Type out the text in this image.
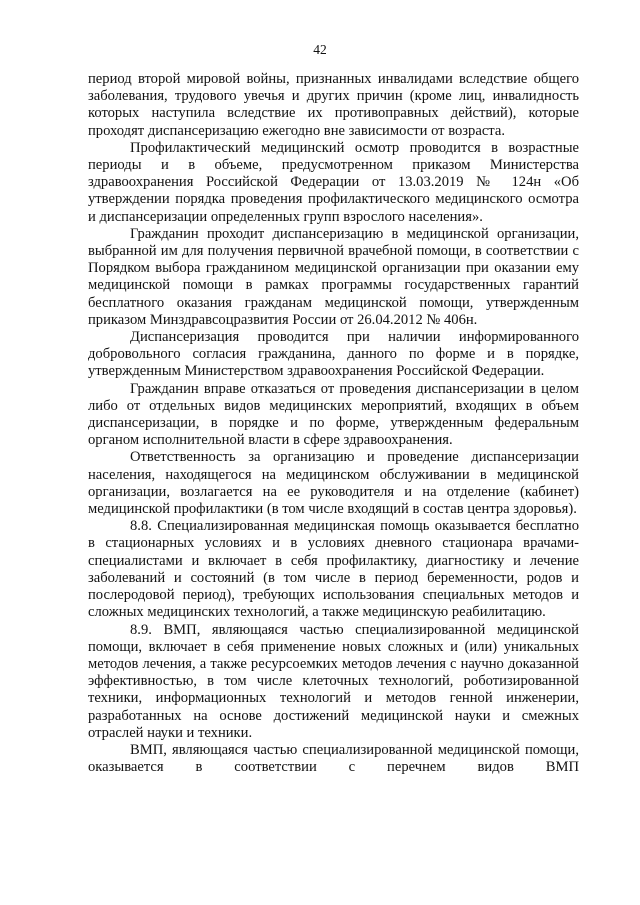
42

период второй мировой войны, признанных инвалидами вследствие общего заболевания, трудового увечья и других причин (кроме лиц, инвалидность которых наступила вследствие их противоправных действий), которые проходят диспансеризацию ежегодно вне зависимости от возраста.

Профилактический медицинский осмотр проводится в возрастные периоды и в объеме, предусмотренном приказом Министерства здравоохранения Российской Федерации от 13.03.2019 № 124н «Об утверждении порядка проведения профилактического медицинского осмотра и диспансеризации определенных групп взрослого населения».

Гражданин проходит диспансеризацию в медицинской организации, выбранной им для получения первичной врачебной помощи, в соответствии с Порядком выбора гражданином медицинской организации при оказании ему медицинской помощи в рамках программы государственных гарантий бесплатного оказания гражданам медицинской помощи, утвержденным приказом Минздравсоцразвития России от 26.04.2012 № 406н.

Диспансеризация проводится при наличии информированного добровольного согласия гражданина, данного по форме и в порядке, утвержденным Министерством здравоохранения Российской Федерации.

Гражданин вправе отказаться от проведения диспансеризации в целом либо от отдельных видов медицинских мероприятий, входящих в объем диспансеризации, в порядке и по форме, утвержденным федеральным органом исполнительной власти в сфере здравоохранения.

Ответственность за организацию и проведение диспансеризации населения, находящегося на медицинском обслуживании в медицинской организации, возлагается на ее руководителя и на отделение (кабинет) медицинской профилактики (в том числе входящий в состав центра здоровья).

8.8. Специализированная медицинская помощь оказывается бесплатно в стационарных условиях и в условиях дневного стационара врачами-специалистами и включает в себя профилактику, диагностику и лечение заболеваний и состояний (в том числе в период беременности, родов и послеродовой период), требующих использования специальных методов и сложных медицинских технологий, а также медицинскую реабилитацию.

8.9. ВМП, являющаяся частью специализированной медицинской помощи, включает в себя применение новых сложных и (или) уникальных методов лечения, а также ресурсоемких методов лечения с научно доказанной эффективностью, в том числе клеточных технологий, роботизированной техники, информационных технологий и методов генной инженерии, разработанных на основе достижений медицинской науки и смежных отраслей науки и техники.

ВМП, являющаяся частью специализированной медицинской помощи, оказывается в соответствии с перечнем видов ВМП
